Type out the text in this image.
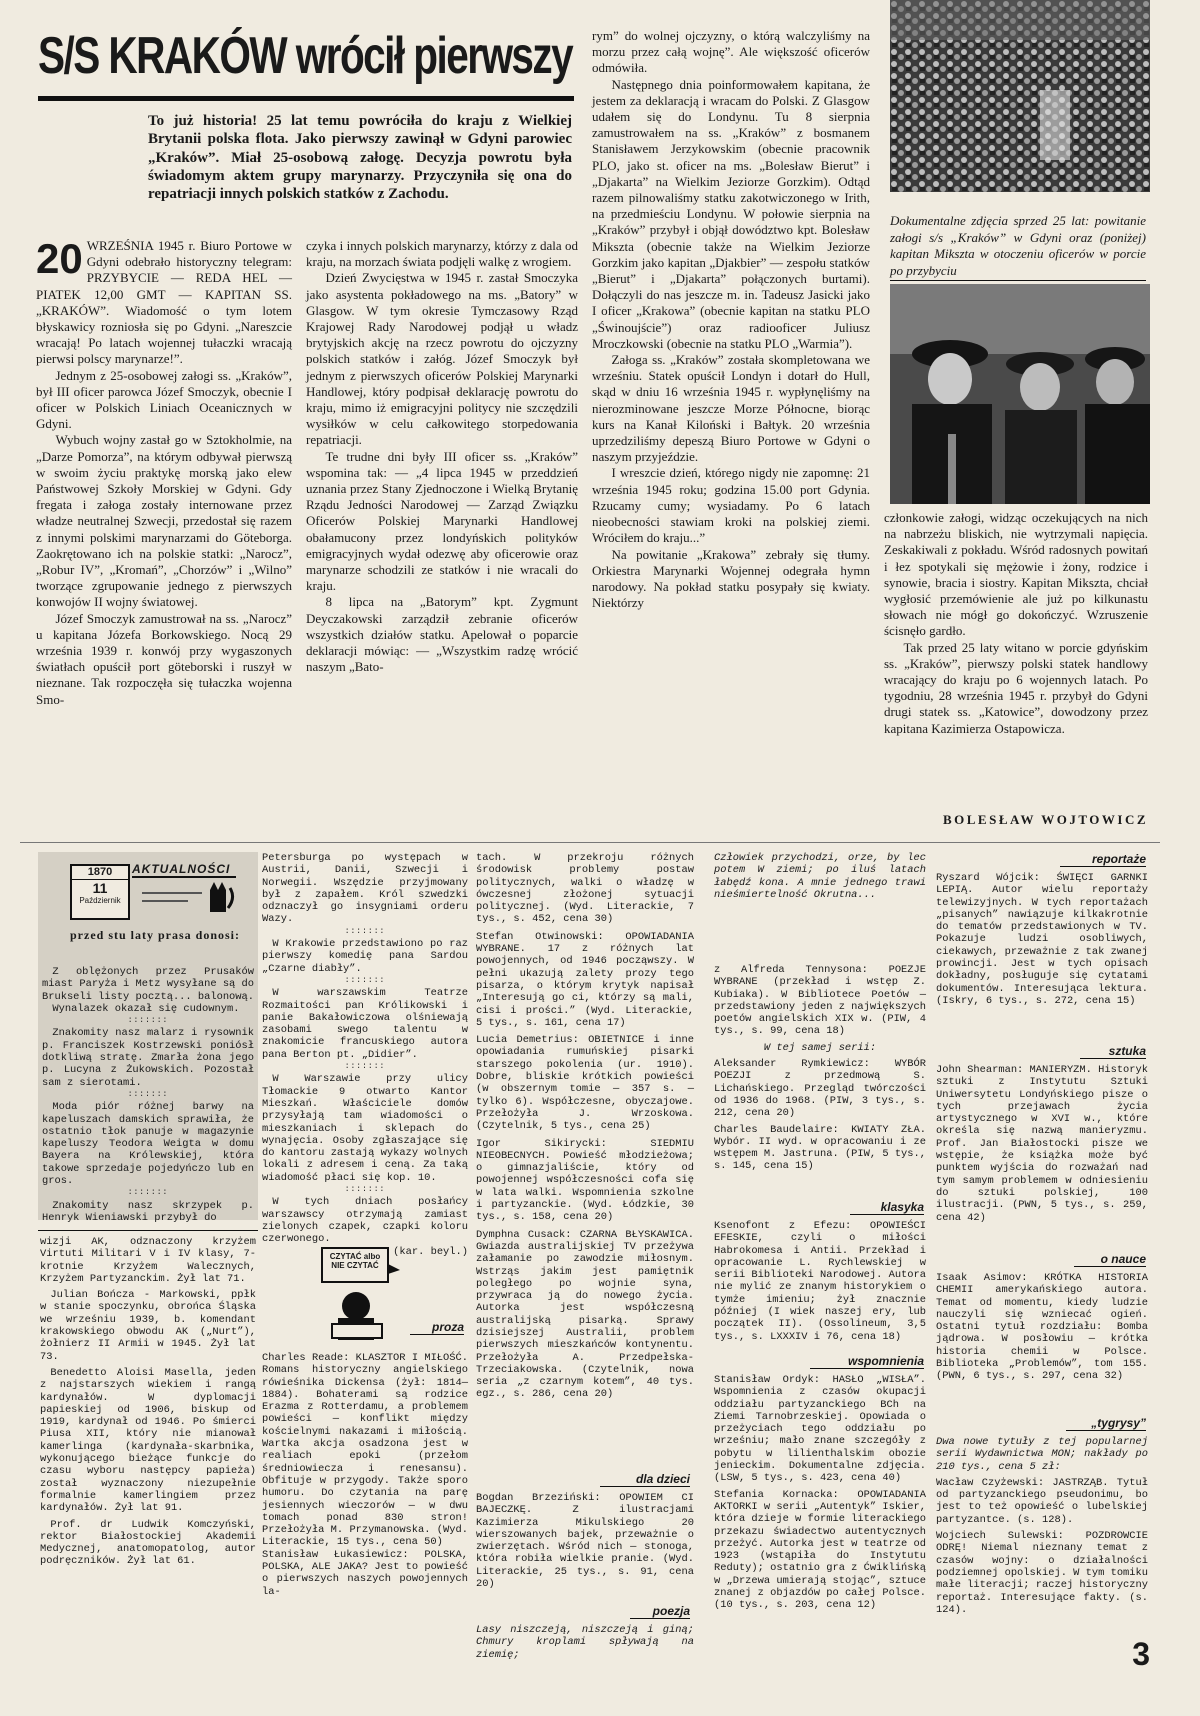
S/S KRAKÓW wrócił pierwszy

To już historia! 25 lat temu powróciła do kraju z Wielkiej Brytanii polska flota. Jako pierwszy zawinął w Gdyni parowiec „Kraków”. Miał 25-osobową załogę. Decyzja powrotu była świadomym aktem grupy marynarzy. Przyczyniła się ona do repatriacji innych polskich statków z Zachodu.

20 WRZEŚNIA 1945 r. Biuro Portowe w Gdyni odebrało historyczny telegram: PRZYBYCIE — REDA HEL — PIATEK 12,00 GMT — KAPITAN SS. „KRAKÓW”. Wiadomość o tym lotem błyskawicy rozniosła się po Gdyni. „Nareszcie wracają! Po latach wojennej tułaczki wracają pierwsi polscy marynarze!”.

Jednym z 25-osobowej załogi ss. „Kraków”, był III oficer parowca Józef Smoczyk, obecnie I oficer w Polskich Liniach Oceanicznych w Gdyni.

Wybuch wojny zastał go w Sztokholmie, na „Darze Pomorza”, na którym odbywał pierwszą w swoim życiu praktykę morską jako elew Państwowej Szkoły Morskiej w Gdyni. Gdy fregata i załoga zostały internowane przez władze neutralnej Szwecji, przedostał się razem z innymi polskimi marynarzami do Göteborga. Zaokrętowano ich na polskie statki: „Narocz”, „Robur IV”, „Kromań”, „Chorzów” i „Wilno” tworzące zgrupowanie jednego z pierwszych konwojów II wojny światowej.

Józef Smoczyk zamustrował na ss. „Narocz” u kapitana Józefa Borkowskiego. Nocą 29 września 1939 r. konwój przy wygaszonych światłach opuścił port göteborski i ruszył w nieznane. Tak rozpoczęła się tułaczka wojenna Smo-

czyka i innych polskich marynarzy, którzy z dala od kraju, na morzach świata podjęli walkę z wrogiem.

Dzień Zwycięstwa w 1945 r. zastał Smoczyka jako asystenta pokładowego na ms. „Batory” w Glasgow. W tym okresie Tymczasowy Rząd Krajowej Rady Narodowej podjął u władz brytyjskich akcję na rzecz powrotu do ojczyzny polskich statków i załóg. Józef Smoczyk był jednym z pierwszych oficerów Polskiej Marynarki Handlowej, który podpisał deklarację powrotu do kraju, mimo iż emigracyjni politycy nie szczędzili wysiłków w celu całkowitego storpedowania repatriacji.

Te trudne dni były III oficer ss. „Kraków” wspomina tak: — „4 lipca 1945 w przeddzień uznania przez Stany Zjednoczone i Wielką Brytanię Rządu Jedności Narodowej — Zarząd Związku Oficerów Polskiej Marynarki Handlowej obałamucony przez londyńskich polityków emigracyjnych wydał odezwę aby oficerowie oraz marynarze schodzili ze statków i nie wracali do kraju.

8 lipca na „Batorym” kpt. Zygmunt Deyczakowski zarządził zebranie oficerów wszystkich działów statku. Apelował o poparcie deklaracji mówiąc: — „Wszystkim radzę wrócić naszym „Bato-

rym” do wolnej ojczyzny, o którą walczyliśmy na morzu przez całą wojnę”. Ale większość oficerów odmówiła.

Następnego dnia poinformowałem kapitana, że jestem za deklaracją i wracam do Polski. Z Glasgow udałem się do Londynu. Tu 8 sierpnia zamustrowałem na ss. „Kraków” z bosmanem Stanisławem Jerzykowskim (obecnie pracownik PLO, jako st. oficer na ms. „Bolesław Bierut” i „Djakarta” na Wielkim Jeziorze Gorzkim). Odtąd razem pilnowaliśmy statku zakotwiczonego w Irith, na przedmieściu Londynu. W połowie sierpnia na „Kraków” przybył i objął dowództwo kpt. Bolesław Mikszta (obecnie także na Wielkim Jeziorze Gorzkim jako kapitan „Djakbier” — zespołu statków „Bierut” i „Djakarta” połączonych burtami). Dołączyli do nas jeszcze m. in. Tadeusz Jasicki jako I oficer „Krakowa” (obecnie kapitan na statku PLO „Świnoujście”) oraz radiooficer Juliusz Mroczkowski (obecnie na statku PLO „Warmia”).

Załoga ss. „Kraków” została skompletowana we wrześniu. Statek opuścił Londyn i dotarł do Hull, skąd w dniu 16 września 1945 r. wypłynęliśmy na nierozminowane jeszcze Morze Północne, biorąc kurs na Kanał Kiloński i Bałtyk. 20 września uprzedziliśmy depeszą Biuro Portowe w Gdyni o naszym przyjeździe.

I wreszcie dzień, którego nigdy nie zapomnę: 21 września 1945 roku; godzina 15.00 port Gdynia. Rzucamy cumy; wysiadamy. Po 6 latach nieobecności stawiam kroki na polskiej ziemi. Wróciłem do kraju...”

Na powitanie „Krakowa” zebrały się tłumy. Orkiestra Marynarki Wojennej odegrała hymn narodowy. Na pokład statku posypały się kwiaty. Niektórzy

Dokumentalne zdjęcia sprzed 25 lat: powitanie załogi s/s „Kraków” w Gdyni oraz (poniżej) kapitan Mikszta w otoczeniu oficerów w porcie po przybyciu

członkowie załogi, widząc oczekujących na nich na nabrzeżu bliskich, nie wytrzymali napięcia. Zeskakiwali z pokładu. Wśród radosnych powitań i łez spotykali się mężowie i żony, rodzice i synowie, bracia i siostry. Kapitan Mikszta, chciał wygłosić przemówienie ale już po kilkunastu słowach nie mógł go dokończyć. Wzruszenie ścisnęło gardło.

Tak przed 25 laty witano w porcie gdyńskim ss. „Kraków”, pierwszy polski statek handlowy wracający do kraju po 6 wojennych latach. Po tygodniu, 28 września 1945 r. przybył do Gdyni drugi statek ss. „Katowice”, dowodzony przez kapitana Kazimierza Ostapowicza.

BOLESŁAW WOJTOWICZ
1870
11
Październik
AKTUALNOŚCI
przed stu laty prasa donosi:

Z oblężonych przez Prusaków miast Paryża i Metz wysyłane są do Brukseli listy pocztą... balonową.

Wynalazek okazał się cudownym.

:::::::

Znakomity nasz malarz i rysownik p. Franciszek Kostrzewski poniósł dotkliwą stratę. Zmarła żona jego p. Lucyna z Żukowskich. Pozostał sam z sierotami.

:::::::

Moda piór różnej barwy na kapeluszach damskich sprawiła, że ostatnio tłok panuje w magazynie kapeluszy Teodora Weigta w domu Bayera na Królewskiej, która takowe sprzedaje pojedyńczo lub en gros.

:::::::

Znakomity nasz skrzypek p. Henryk Wieniawski przybył do

Petersburga po występach w Austrii, Danii, Szwecji i Norwegii. Wszędzie przyjmowany był z zapałem. Król szwedzki odznaczył go insygniami orderu Wazy.

:::::::

W Krakowie przedstawiono po raz pierwszy komedię pana Sardou „Czarne diabły”.

:::::::

W warszawskim Teatrze Rozmaitości pan Królikowski i panie Bakałowiczowa olśniewają zasobami swego talentu w znakomicie francuskiego autora pana Berton pt. „Didier”.

:::::::

W Warszawie przy ulicy Tłomackie 9 otwarto Kantor Mieszkań. Właściciele domów przysyłają tam wiadomości o mieszkaniach i sklepach do wynajęcia. Osoby zgłaszające się do kantoru zastają wykazy wolnych lokali z adresem i ceną. Za taką wiadomość płaci się kop. 10.

:::::::

W tych dniach posłańcy warszawscy otrzymają zamiast zielonych czapek, czapki koloru czerwonego.

(kar. beyl.)

wizji AK, odznaczony krzyżem Virtuti Militari V i IV klasy, 7-krotnie Krzyżem Walecznych, Krzyżem Partyzanckim. Żył lat 71.

Julian Bończa - Markowski, ppłk w stanie spoczynku, obrońca Śląska we wrześniu 1939, b. komendant krakowskiego obwodu AK („Nurt”), żołnierz II Armii w 1945. Żył lat 73.

Benedetto Aloisi Masella, jeden z najstarszych wiekiem i rangą kardynałów. W dyplomacji papieskiej od 1906, biskup od 1919, kardynał od 1946. Po śmierci Piusa XII, który nie mianował kamerlinga (kardynała-skarbnika, wykonującego bieżące funkcje do czasu wyboru następcy papieża) został wyznaczony niezupełnie formalnie kamerlingiem przez kardynałów. Żył lat 91.

Prof. dr Ludwik Komczyński, rektor Białostockiej Akademii Medycznej, anatomopatolog, autor podręczników. Żył lat 61.

CZYTAĆ albo NIE CZYTAĆ
proza

Charles Reade: KLASZTOR I MIŁOŚĆ. Romans historyczny angielskiego rówieśnika Dickensa (żył: 1814—1884). Bohaterami są rodzice Erazma z Rotterdamu, a problemem powieści — konflikt między kościelnymi nakazami i miłością. Wartka akcja osadzona jest w realiach epoki (przełom średniowiecza i renesansu). Obfituje w przygody. Także sporo humoru. Do czytania na parę jesiennych wieczorów — w dwu tomach ponad 830 stron! Przełożyła M. Przymanowska. (Wyd. Literackie, 15 tys., cena 50)

Stanisław Łukasiewicz: POLSKA, POLSKA, ALE JAKA? Jest to powieść o pierwszych naszych powojennych la-

tach. W przekroju różnych środowisk problemy postaw politycznych, walki o władzę w ówczesnej złożonej sytuacji politycznej. (Wyd. Literackie, 7 tys., s. 452, cena 30)

Stefan Otwinowski: OPOWIADANIA WYBRANE. 17 z różnych lat powojennych, od 1946 począwszy. W pełni ukazują zalety prozy tego pisarza, o którym krytyk napisał „Interesują go ci, którzy są mali, cisi i prości.” (Wyd. Literackie, 5 tys., s. 161, cena 17)

Lucia Demetrius: OBIETNICE i inne opowiadania rumuńskiej pisarki starszego pokolenia (ur. 1910). Dobre, bliskie krótkich powieści (w obszernym tomie — 357 s. — tylko 6). Współczesne, obyczajowe. Przełożyła J. Wrzoskowa. (Czytelnik, 5 tys., cena 25)

Igor Sikirycki: SIEDMIU NIEOBECNYCH. Powieść młodzieżowa; o gimnazjaliście, który od powojennej współczesności cofa się w lata walki. Wspomnienia szkolne i partyzanckie. (Wyd. Łódzkie, 30 tys., s. 158, cena 20)

Dymphna Cusack: CZARNA BŁYSKAWICA. Gwiazda australijskiej TV przeżywa załamanie po zawodzie miłosnym. Wstrząs jakim jest pamiętnik poległego po wojnie syna, przywraca ją do nowego życia. Autorka jest współczesną australijską pisarką. Sprawy dzisiejszej Australii, problem pierwszych mieszkańców kontynentu. Przełożyła A. Przedpełska-Trzeciakowska. (Czytelnik, nowa seria „z czarnym kotem”, 40 tys. egz., s. 286, cena 20)

dla dzieci

Bogdan Brzeziński: OPOWIEM CI BAJECZKĘ. Z ilustracjami Kazimierza Mikulskiego 20 wierszowanych bajek, przeważnie o zwierzętach. Wśród nich — stonoga, która robiła wielkie pranie. (Wyd. Literackie, 25 tys., s. 91, cena 20)

poezja

Lasy niszczeją, niszczeją i giną; Chmury kroplami spływają na ziemię;

Człowiek przychodzi, orze, by lec potem W ziemi; po iluś latach łabędź kona. A mnie jednego trawi nieśmiertelność Okrutna...

z Alfreda Tennysona: POEZJE WYBRANE (przekład i wstęp Z. Kubiaka). W Bibliotece Poetów — przedstawiony jeden z największych poetów angielskich XIX w. (PIW, 4 tys., s. 99, cena 18)

W tej samej serii:

Aleksander Rymkiewicz: WYBÓR POEZJI z przedmową S. Lichańskiego. Przegląd twórczości od 1936 do 1968. (PIW, 3 tys., s. 212, cena 20)

Charles Baudelaire: KWIATY ZŁA. Wybór. II wyd. w opracowaniu i ze wstępem M. Jastruna. (PIW, 5 tys., s. 145, cena 15)

klasyka

Ksenofont z Efezu: OPOWIEŚCI EFESKIE, czyli o miłości Habrokomesa i Antii. Przekład i opracowanie L. Rychlewskiej w serii Biblioteki Narodowej. Autora nie mylić ze znanym historykiem o tymże imieniu; żył znacznie później (I wiek naszej ery, lub początek II). (Ossolineum, 3,5 tys., s. LXXXIV i 76, cena 18)

wspomnienia

Stanisław Ordyk: HASŁO „WISŁA”. Wspomnienia z czasów okupacji oddziału partyzanckiego BCh na Ziemi Tarnobrzeskiej. Opowiada o przeżyciach tego oddziału po wrześniu; mało znane szczegóły z pobytu w lilienthalskim obozie jenieckim. Dokumentalne zdjęcia. (LSW, 5 tys., s. 423, cena 40)

Stefania Kornacka: OPOWIADANIA AKTORKI w serii „Autentyk” Iskier, która dzieje w formie literackiego przekazu świadectwo autentycznych przeżyć. Autorka jest w teatrze od 1923 (wstąpiła do Instytutu Reduty); ostatnio gra z Ćwiklińską w „Drzewa umierają stojąc”, sztuce znanej z objazdów po całej Polsce. (10 tys., s. 203, cena 12)

reportaże

Ryszard Wójcik: ŚWIĘCI GARNKI LEPIĄ. Autor wielu reportaży telewizyjnych. W tych reportażach „pisanych” nawiązuje kilkakrotnie do tematów przedstawionych w TV. Pokazuje ludzi osobliwych, ciekawych, przeważnie z tak zwanej prowincji. Jest w tych opisach dokładny, posługuje się cytatami dokumentów. Interesująca lektura. (Iskry, 6 tys., s. 272, cena 15)

sztuka

John Shearman: MANIERYZM. Historyk sztuki z Instytutu Sztuki Uniwersytetu Londyńskiego pisze o tych przejawach życia artystycznego w XVI w., które określa się nazwą manieryzmu. Prof. Jan Białostocki pisze we wstępie, że książka może być punktem wyjścia do rozważań nad tym samym problemem w odniesieniu do sztuki polskiej, 100 ilustracji. (PWN, 5 tys., s. 259, cena 42)

o nauce

Isaak Asimov: KRÓTKA HISTORIA CHEMII amerykańskiego autora. Temat od momentu, kiedy ludzie nauczyli się wzniecać ogień. Ostatni tytuł rozdziału: Bomba jądrowa. W posłowiu — krótka historia chemii w Polsce. Biblioteka „Problemów”, tom 155. (PWN, 6 tys., s. 297, cena 32)

„tygrysy”

Dwa nowe tytuły z tej popularnej serii Wydawnictwa MON; nakłady po 210 tys., cena 5 zł:

Wacław Czyżewski: JASTRZĄB. Tytuł od partyzanckiego pseudonimu, bo jest to też opowieść o lubelskiej partyzantce. (s. 128).

Wojciech Sulewski: POZDROWCIE ODRĘ! Niemal nieznany temat z czasów wojny: o działalności podziemnej opolskiej. W tym tomiku małe literacji; raczej historyczny reportaż. Interesujące fakty. (s. 124).

3
